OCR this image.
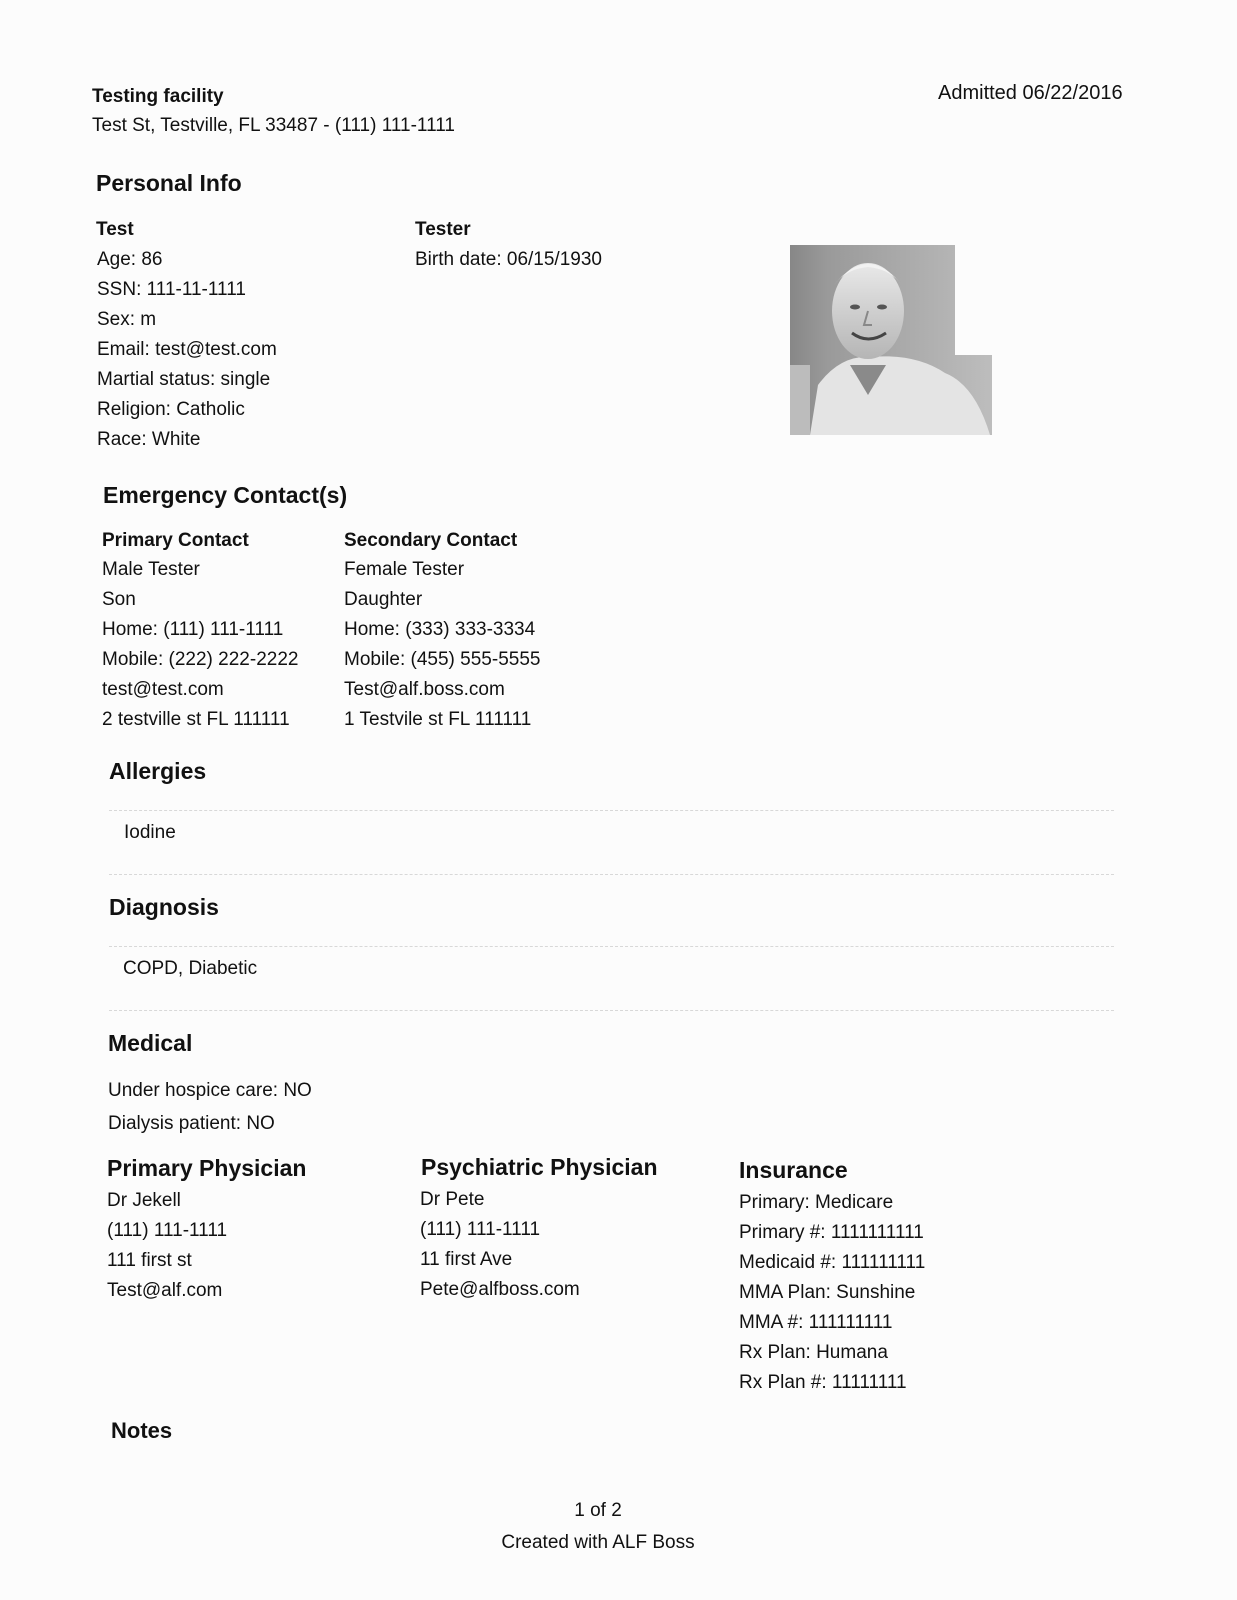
Testing facility
Test St, Testville, FL 33487 - (111) 111-1111
Admitted 06/22/2016
Personal Info
Test	Tester
Birth date: 06/15/1930
Age: 86
SSN: 111-11-1111
Sex: m
Email: test@test.com
Martial status: single
Religion: Catholic
Race: White
Emergency Contact(s)
Primary Contact	Secondary Contact
Male Tester
Son
Home: (111) 111-1111
Mobile: (222) 222-2222
test@test.com
2 testville st FL 111111
Female Tester
Daughter
Home: (333) 333-3334
Mobile: (455) 555-5555
Test@alf.boss.com
1 Testvile st FL 111111
Allergies
Iodine
Diagnosis
COPD, Diabetic
Medical
Under hospice care: NO
Dialysis patient: NO
Primary Physician
Dr Jekell
(111) 111-1111
111 first st
Test@alf.com
Psychiatric Physician
Dr Pete
(111) 111-1111
11 first Ave
Pete@alfboss.com
Insurance
Primary: Medicare
Primary #: 1111111111
Medicaid #: 111111111
MMA Plan: Sunshine
MMA #: 111111111
Rx Plan: Humana
Rx Plan #: 11111111
Notes
1 of 2
Created with ALF Boss
